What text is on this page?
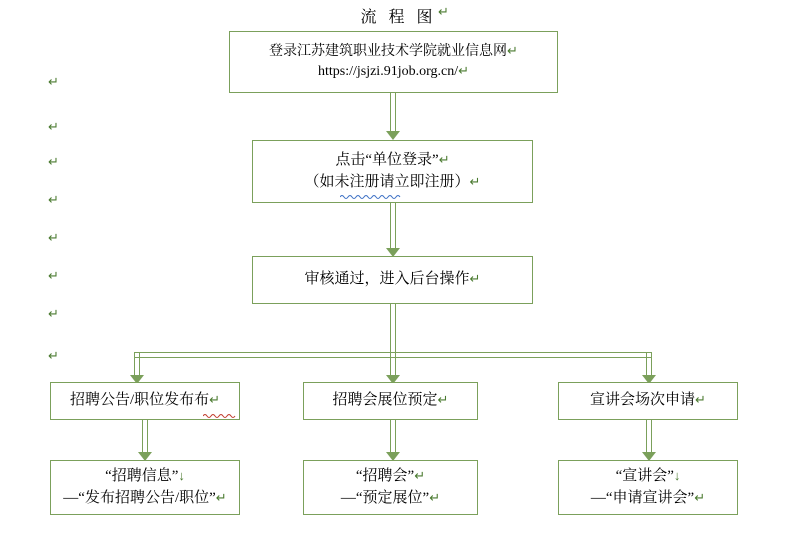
流 程 图 ↵
↵
↵
↵
↵
↵
↵
↵
↵
登录江苏建筑职业技术学院就业信息网↵
https://jsjzi.91job.org.cn/↵
点击“单位登录”↵
（如未注册请立即注册）↵
审核通过，进入后台操作↵
招聘公告/职位发布布↵	招聘会展位预定↵	宣讲会场次申请↵
“招聘信息”↓
—“发布招聘公告/职位”↵
“招聘会”↵
—“预定展位”↵
“宣讲会”↓
—“申请宣讲会”↵
